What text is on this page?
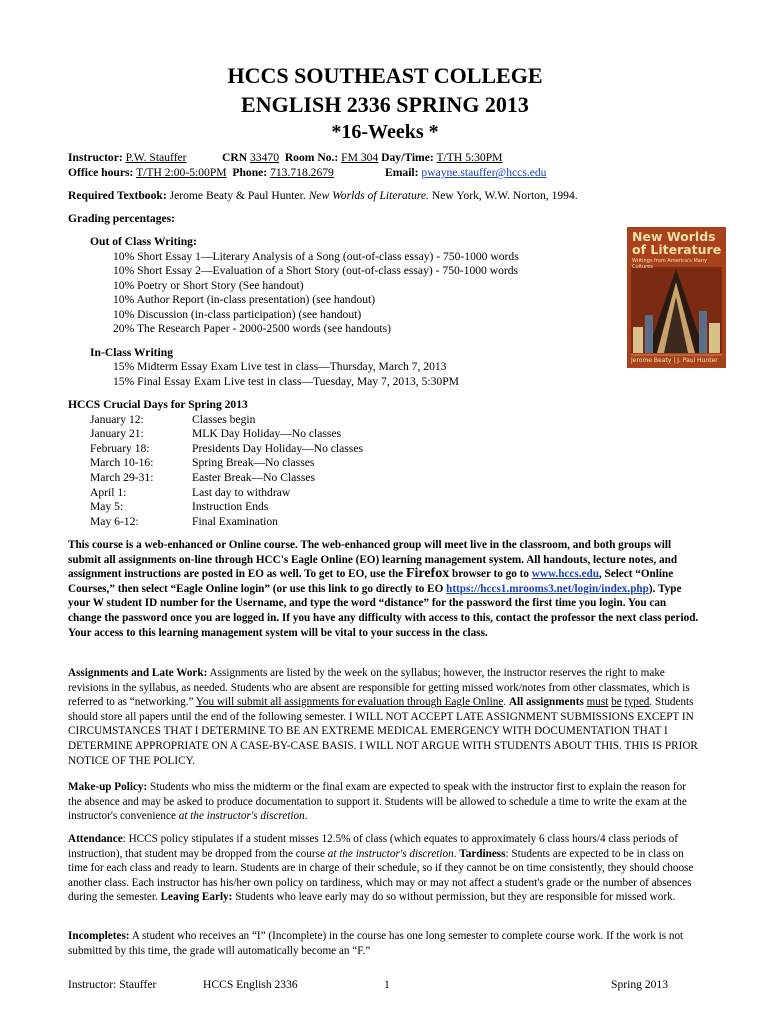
HCCS SOUTHEAST COLLEGE
ENGLISH 2336 SPRING 2013
*16-Weeks *
Instructor: P.W. Stauffer	CRN 33470 Room No.: FM 304 Day/Time: T/TH 5:30PM
Office hours: T/TH 2:00-5:00PM Phone: 713.718.2679	Email: pwayne.stauffer@hccs.edu
Required Textbook: Jerome Beaty & Paul Hunter. New Worlds of Literature. New York, W.W. Norton, 1994.
Grading percentages:
Out of Class Writing:
10% Short Essay 1—Literary Analysis of a Song (out-of-class essay) - 750-1000 words
10% Short Essay 2—Evaluation of a Short Story (out-of-class essay) - 750-1000 words
10% Poetry or Short Story (See handout)
10% Author Report (in-class presentation) (see handout)
10% Discussion (in-class participation) (see handout)
20% The Research Paper - 2000-2500 words (see handouts)
In-Class Writing
15% Midterm Essay Exam Live test in class—Thursday, March 7, 2013
15% Final Essay Exam Live test in class—Tuesday, May 7, 2013, 5:30PM
New Worlds of Literature
Writings from America's Many Cultures
Jerome Beaty | J. Paul Hunter
HCCS Crucial Days for Spring 2013
January 12:	Classes begin
January 21:	MLK Day Holiday—No classes
February 18:	Presidents Day Holiday—No classes
March 10-16:	Spring Break—No classes
March 29-31:	Easter Break—No Classes
April 1:	Last day to withdraw
May 5:	Instruction Ends
May 6-12:	Final Examination
This course is a web-enhanced or Online course. The web-enhanced group will meet live in the classroom, and both groups will submit all assignments on-line through HCC's Eagle Online (EO) learning management system. All handouts, lecture notes, and assignment instructions are posted in EO as well. To get to EO, use the Firefox browser to go to www.hccs.edu, Select “Online Courses,” then select “Eagle Online login” (or use this link to go directly to EO https://hccs1.mrooms3.net/login/index.php). Type your W student ID number for the Username, and type the word “distance” for the password the first time you login. You can change the password once you are logged in. If you have any difficulty with access to this, contact the professor the next class period. Your access to this learning management system will be vital to your success in the class.
Assignments and Late Work: Assignments are listed by the week on the syllabus; however, the instructor reserves the right to make revisions in the syllabus, as needed. Students who are absent are responsible for getting missed work/notes from other classmates, which is referred to as “networking.” You will submit all assignments for evaluation through Eagle Online. All assignments must be typed. Students should store all papers until the end of the following semester. I WILL NOT ACCEPT LATE ASSIGNMENT SUBMISSIONS EXCEPT IN CIRCUMSTANCES THAT I DETERMINE TO BE AN EXTREME MEDICAL EMERGENCY WITH DOCUMENTATION THAT I DETERMINE APPROPRIATE ON A CASE-BY-CASE BASIS. I WILL NOT ARGUE WITH STUDENTS ABOUT THIS. THIS IS PRIOR NOTICE OF THE POLICY.
Make-up Policy: Students who miss the midterm or the final exam are expected to speak with the instructor first to explain the reason for the absence and may be asked to produce documentation to support it. Students will be allowed to schedule a time to write the exam at the instructor's convenience at the instructor's discretion.
Attendance: HCCS policy stipulates if a student misses 12.5% of class (which equates to approximately 6 class hours/4 class periods of instruction), that student may be dropped from the course at the instructor's discretion. Tardiness: Students are expected to be in class on time for each class and ready to learn. Students are in charge of their schedule, so if they cannot be on time consistently, they should choose another class. Each instructor has his/her own policy on tardiness, which may or may not affect a student's grade or the number of absences during the semester. Leaving Early: Students who leave early may do so without permission, but they are responsible for missed work.
Incompletes: A student who receives an “I” (Incomplete) in the course has one long semester to complete course work. If the work is not submitted by this time, the grade will automatically become an “F.”
Instructor: Stauffer	HCCS English 2336	1	Spring 2013
